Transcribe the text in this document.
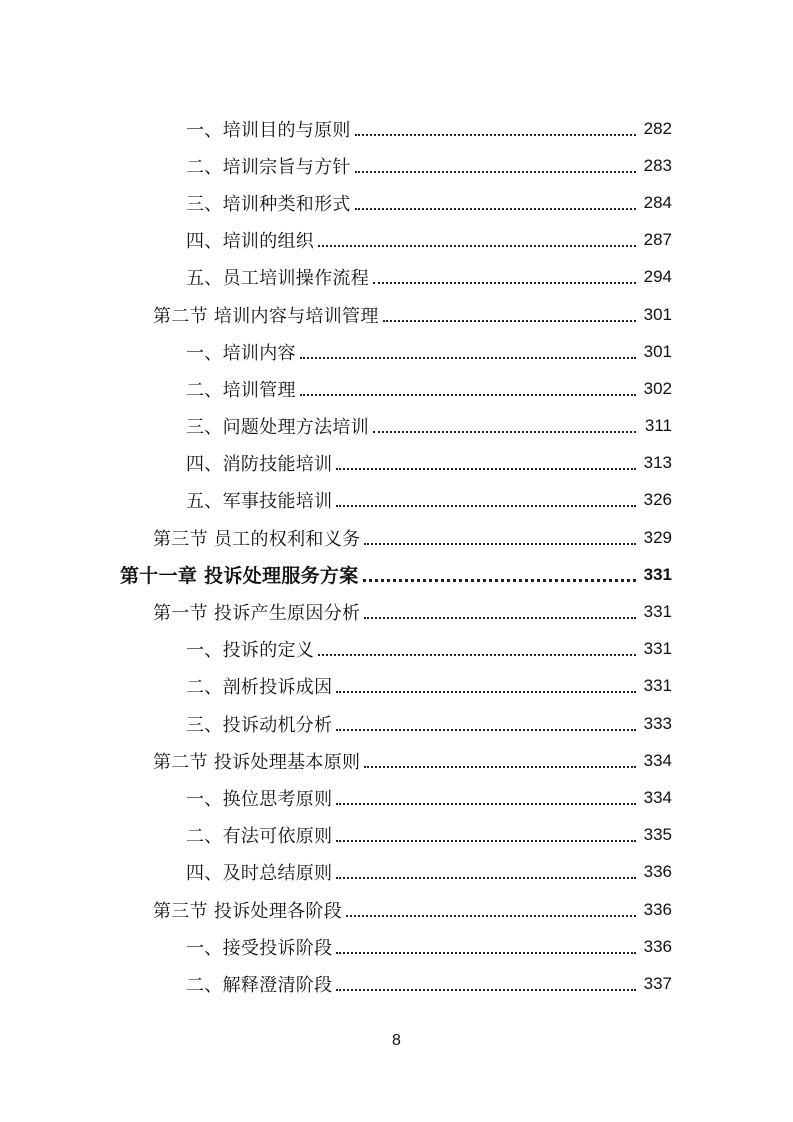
一、培训目的与原则	282
二、培训宗旨与方针	283
三、培训种类和形式	284
四、培训的组织	287
五、员工培训操作流程	294
第二节 培训内容与培训管理	301
一、培训内容	301
二、培训管理	302
三、问题处理方法培训	311
四、消防技能培训	313
五、军事技能培训	326
第三节 员工的权利和义务	329
第十一章 投诉处理服务方案	331
第一节 投诉产生原因分析	331
一、投诉的定义	331
二、剖析投诉成因	331
三、投诉动机分析	333
第二节 投诉处理基本原则	334
一、换位思考原则	334
二、有法可依原则	335
四、及时总结原则	336
第三节 投诉处理各阶段	336
一、接受投诉阶段	336
二、解释澄清阶段	337
8
